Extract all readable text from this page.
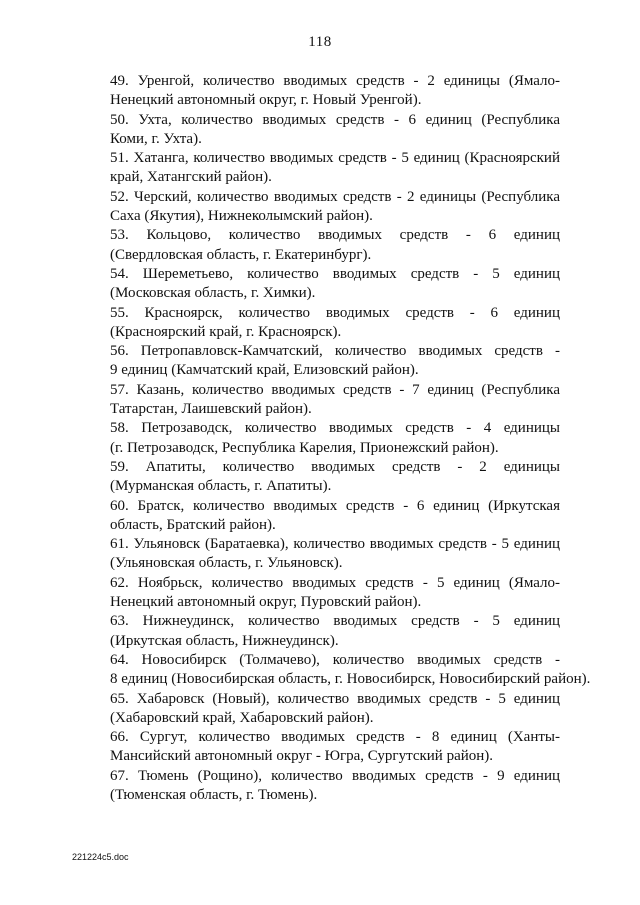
118

49. Уренгой, количество вводимых средств - 2 единицы (Ямало-
Ненецкий автономный округ, г. Новый Уренгой).

50. Ухта, количество вводимых средств - 6 единиц (Республика
Коми, г. Ухта).

51. Хатанга, количество вводимых средств - 5 единиц (Красноярский
край, Хатангский район).

52. Черский, количество вводимых средств - 2 единицы (Республика
Саха (Якутия), Нижнеколымский район).

53. Кольцово, количество вводимых средств - 6 единиц
(Свердловская область, г. Екатеринбург).

54. Шереметьево, количество вводимых средств - 5 единиц
(Московская область, г. Химки).

55. Красноярск, количество вводимых средств - 6 единиц
(Красноярский край, г. Красноярск).

56. Петропавловск-Камчатский, количество вводимых средств -
9 единиц (Камчатский край, Елизовский район).

57. Казань, количество вводимых средств - 7 единиц (Республика
Татарстан, Лаишевский район).

58. Петрозаводск, количество вводимых средств - 4 единицы
(г. Петрозаводск, Республика Карелия, Прионежский район).

59. Апатиты, количество вводимых средств - 2 единицы
(Мурманская область, г. Апатиты).

60. Братск, количество вводимых средств - 6 единиц (Иркутская
область, Братский район).

61. Ульяновск (Баратаевка), количество вводимых средств - 5 единиц
(Ульяновская область, г. Ульяновск).

62. Ноябрьск, количество вводимых средств - 5 единиц (Ямало-
Ненецкий автономный округ, Пуровский район).

63. Нижнеудинск, количество вводимых средств - 5 единиц
(Иркутская область, Нижнеудинск).

64. Новосибирск (Толмачево), количество вводимых средств -
8 единиц (Новосибирская область, г. Новосибирск, Новосибирский район).

65. Хабаровск (Новый), количество вводимых средств - 5 единиц
(Хабаровский край, Хабаровский район).

66. Сургут, количество вводимых средств - 8 единиц (Ханты-
Мансийский автономный округ - Югра, Сургутский район).

67. Тюмень (Рощино), количество вводимых средств - 9 единиц
(Тюменская область, г. Тюмень).

221224c5.doc
